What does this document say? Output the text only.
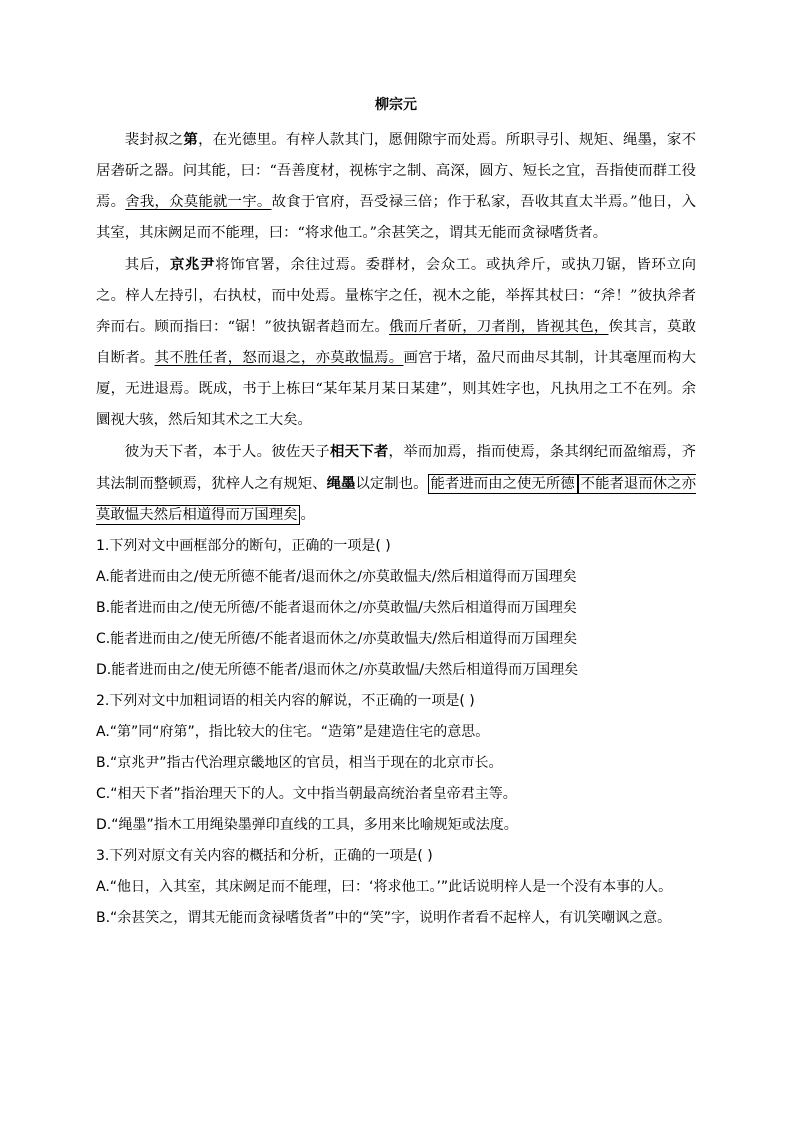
柳宗元

裴封叔之第，在光德里。有梓人款其门，愿佣隙宇而处焉。所职寻引、规矩、绳墨，家不居砻斫之器。问其能，曰：“吾善度材，视栋宇之制、高深，圆方、短长之宜，吾指使而群工役焉。舍我，众莫能就一宇。故食于官府，吾受禄三倍；作于私家，吾收其直太半焉。”他日，入其室，其床阙足而不能理，曰：“将求他工。”余甚笑之，谓其无能而贪禄嗜货者。

其后，京兆尹将饰官署，余往过焉。委群材，会众工。或执斧斤，或执刀锯，皆环立向之。梓人左持引，右执杖，而中处焉。量栋宇之任，视木之能，举挥其杖曰：“斧！”彼执斧者奔而右。顾而指曰：“锯！”彼执锯者趋而左。俄而斤者斫，刀者削，皆视其色，俟其言，莫敢自断者。其不胜任者，怒而退之，亦莫敢愠焉。画宫于堵，盈尺而曲尽其制，计其毫厘而构大厦，无进退焉。既成，书于上栋曰“某年某月某日某建”，则其姓字也，凡执用之工不在列。余圜视大骇，然后知其术之工大矣。

彼为天下者，本于人。彼佐天子相天下者，举而加焉，指而使焉，条其纲纪而盈缩焉，齐其法制而整顿焉，犹梓人之有规矩、绳墨以定制也。 能者进而由之使无所德 不能者退而休之亦莫敢愠夫然后相道得而万国理矣 。

1.下列对文中画框部分的断句，正确的一项是( )

A.能者进而由之/使无所德不能者/退而休之/亦莫敢愠夫/然后相道得而万国理矣

B.能者进而由之/使无所德/不能者退而休之/亦莫敢愠/夫然后相道得而万国理矣

C.能者进而由之/使无所德/不能者退而休之/亦莫敢愠夫/然后相道得而万国理矣

D.能者进而由之/使无所德不能者/退而休之/亦莫敢愠/夫然后相道得而万国理矣

2.下列对文中加粗词语的相关内容的解说，不正确的一项是( )

A.“第”同“府第”，指比较大的住宅。“造第”是建造住宅的意思。

B.“京兆尹”指古代治理京畿地区的官员，相当于现在的北京市长。

C.“相天下者”指治理天下的人。文中指当朝最高统治者皇帝君主等。

D.“绳墨”指木工用绳染墨弹印直线的工具，多用来比喻规矩或法度。

3.下列对原文有关内容的概括和分析，正确的一项是( )

A.“他日，入其室，其床阙足而不能理，曰：‘将求他工。’”此话说明梓人是一个没有本事的人。

B.“余甚笑之，谓其无能而贪禄嗜货者”中的“笑”字，说明作者看不起梓人，有讥笑嘲讽之意。
